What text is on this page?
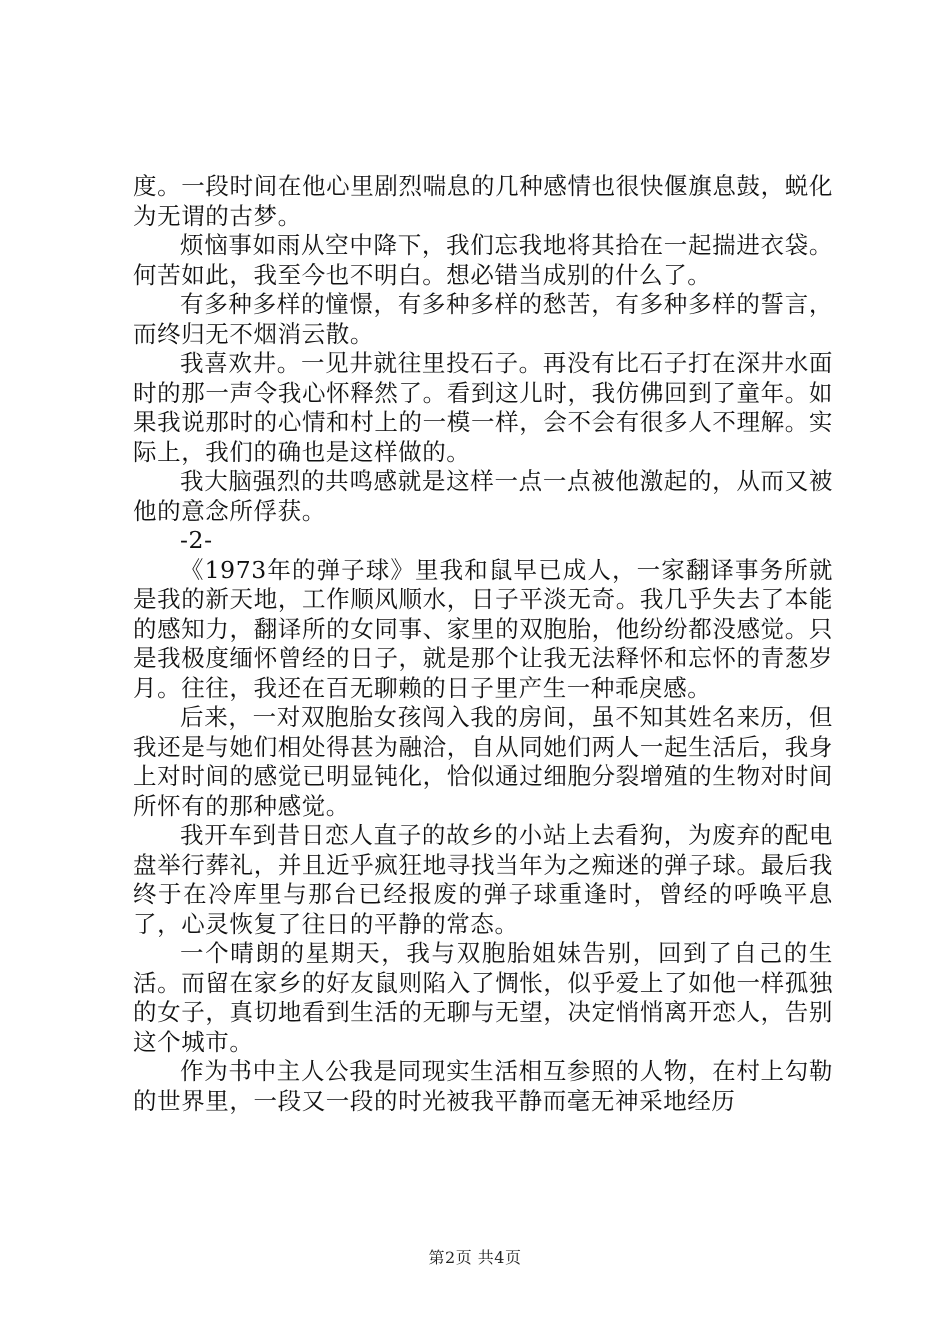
度。一段时间在他心里剧烈喘息的几种感情也很快偃旗息鼓，蜕化为无谓的古梦。

烦恼事如雨从空中降下，我们忘我地将其拾在一起揣进衣袋。何苦如此，我至今也不明白。想必错当成别的什么了。

有多种多样的憧憬，有多种多样的愁苦，有多种多样的誓言，而终归无不烟消云散。

我喜欢井。一见井就往里投石子。再没有比石子打在深井水面时的那一声令我心怀释然了。看到这儿时，我仿佛回到了童年。如果我说那时的心情和村上的一模一样，会不会有很多人不理解。实际上，我们的确也是这样做的。

我大脑强烈的共鸣感就是这样一点一点被他激起的，从而又被他的意念所俘获。

-2-

《1973年的弹子球》里我和鼠早已成人，一家翻译事务所就是我的新天地，工作顺风顺水，日子平淡无奇。我几乎失去了本能的感知力，翻译所的女同事、家里的双胞胎，他纷纷都没感觉。只是我极度缅怀曾经的日子，就是那个让我无法释怀和忘怀的青葱岁月。往往，我还在百无聊赖的日子里产生一种乖戾感。

后来，一对双胞胎女孩闯入我的房间，虽不知其姓名来历，但我还是与她们相处得甚为融洽，自从同她们两人一起生活后，我身上对时间的感觉已明显钝化，恰似通过细胞分裂增殖的生物对时间所怀有的那种感觉。

我开车到昔日恋人直子的故乡的小站上去看狗，为废弃的配电盘举行葬礼，并且近乎疯狂地寻找当年为之痴迷的弹子球。最后我终于在冷库里与那台已经报废的弹子球重逢时，曾经的呼唤平息了，心灵恢复了往日的平静的常态。

一个晴朗的星期天，我与双胞胎姐妹告别，回到了自己的生活。而留在家乡的好友鼠则陷入了惆怅，似乎爱上了如他一样孤独的女子，真切地看到生活的无聊与无望，决定悄悄离开恋人，告别这个城市。

作为书中主人公我是同现实生活相互参照的人物，在村上勾勒的世界里，一段又一段的时光被我平静而毫无神采地经历

第2页 共4页
